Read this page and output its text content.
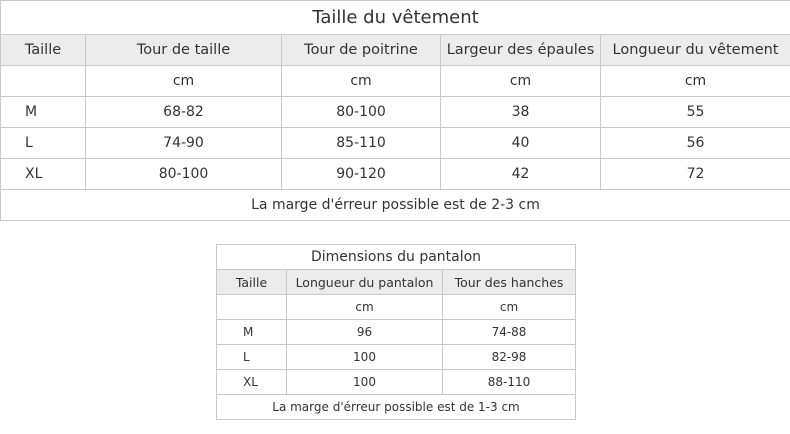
Taille du vêtement				
Taille	Tour de taille	Tour de poitrine	Largeur des épaules	Longueur du vêtement
	cm	cm	cm	cm
M	68-82	80-100	38	55
L	74-90	85-110	40	56
XL	80-100	90-120	42	72
La marge d'érreur possible est de 2-3 cm				
Dimensions du pantalon		
Taille	Longueur du pantalon	Tour des hanches
	cm	cm
M	96	74-88
L	100	82-98
XL	100	88-110
La marge d'érreur possible est de 1-3 cm		
